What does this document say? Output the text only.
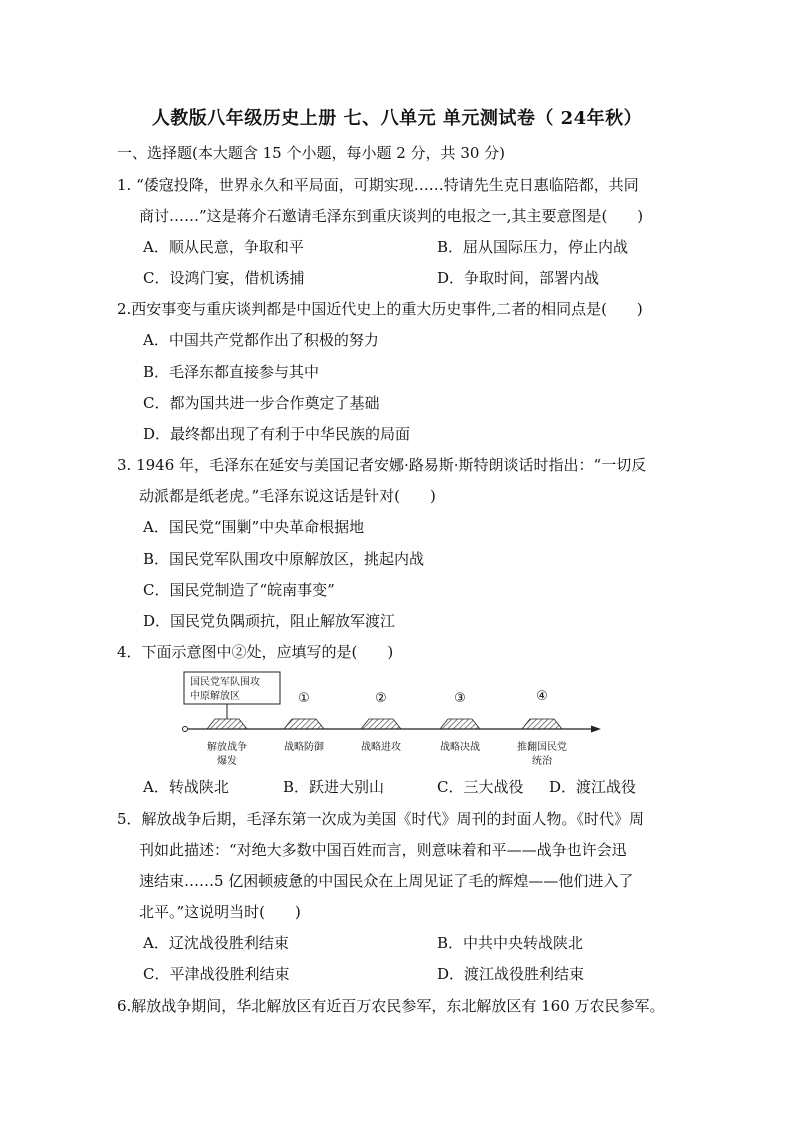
人教版八年级历史上册 七、八单元 单元测试卷（ 24年秋）
一、选择题(本大题含 15 个小题，每小题 2 分，共 30 分)
1. “倭寇投降，世界永久和平局面，可期实现……特请先生克日惠临陪都，共同
商讨……”这是蒋介石邀请毛泽东到重庆谈判的电报之一,其主要意图是(　　)
A．顺从民意，争取和平	B．屈从国际压力，停止内战
C．设鸿门宴，借机诱捕	D．争取时间，部署内战
2.西安事变与重庆谈判都是中国近代史上的重大历史事件,二者的相同点是(　　)
A．中国共产党都作出了积极的努力
B．毛泽东都直接参与其中
C．都为国共进一步合作奠定了基础
D．最终都出现了有利于中华民族的局面
3. 1946 年，毛泽东在延安与美国记者安娜·路易斯·斯特朗谈话时指出：“一切反
动派都是纸老虎。”毛泽东说这话是针对(　　)
A．国民党“围剿”中央革命根据地
B．国民党军队围攻中原解放区，挑起内战
C．国民党制造了“皖南事变”
D．国民党负隅顽抗，阻止解放军渡江
4．下面示意图中②处，应填写的是(　　)
国民党军队围攻
中原解放区	①	②	③	④
解放战争
爆发
战略防御	战略进攻	战略决战	推翻国民党
统治
A．转战陕北	B．跃进大别山	C．三大战役 D．渡江战役
5．解放战争后期，毛泽东第一次成为美国《时代》周刊的封面人物。《时代》周
刊如此描述：“对绝大多数中国百姓而言，则意味着和平——战争也许会迅
速结束……5 亿困顿疲惫的中国民众在上周见证了毛的辉煌——他们进入了
北平。”这说明当时(　　)
A．辽沈战役胜利结束	B．中共中央转战陕北
C．平津战役胜利结束	D．渡江战役胜利结束
6.解放战争期间，华北解放区有近百万农民参军，东北解放区有 160 万农民参军。
